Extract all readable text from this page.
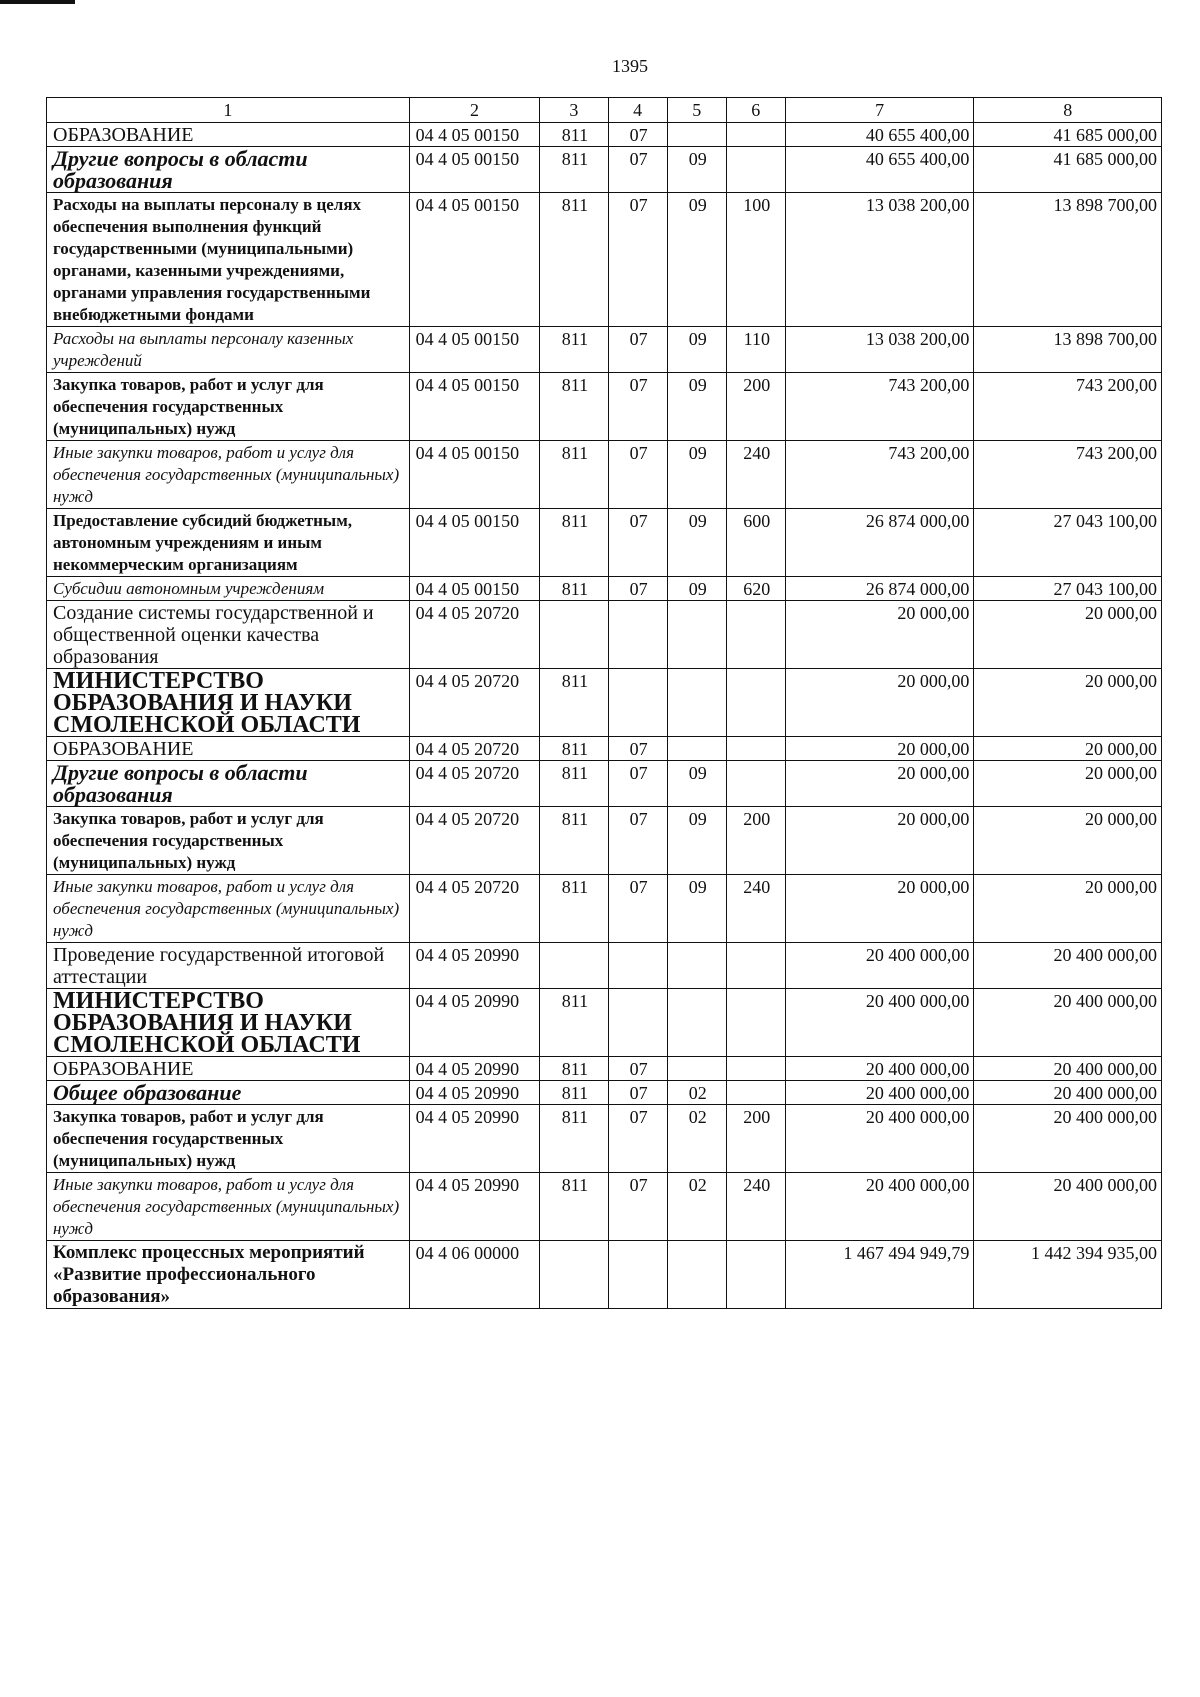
1395
1	2	3	4	5	6	7	8
ОБРАЗОВАНИЕ	04 4 05 00150	811	07			40 655 400,00	41 685 000,00
Другие вопросы в области образования	04 4 05 00150	811	07	09		40 655 400,00	41 685 000,00
Расходы на выплаты персоналу в целях обеспечения выполнения функций государственными (муниципальными) органами, казенными учреждениями, органами управления государственными внебюджетными фондами	04 4 05 00150	811	07	09	100	13 038 200,00	13 898 700,00
Расходы на выплаты персоналу казенных учреждений	04 4 05 00150	811	07	09	110	13 038 200,00	13 898 700,00
Закупка товаров, работ и услуг для обеспечения государственных (муниципальных) нужд	04 4 05 00150	811	07	09	200	743 200,00	743 200,00
Иные закупки товаров, работ и услуг для обеспечения государственных (муниципальных) нужд	04 4 05 00150	811	07	09	240	743 200,00	743 200,00
Предоставление субсидий бюджетным, автономным учреждениям и иным некоммерческим организациям	04 4 05 00150	811	07	09	600	26 874 000,00	27 043 100,00
Субсидии автономным учреждениям	04 4 05 00150	811	07	09	620	26 874 000,00	27 043 100,00
Создание системы государственной и общественной оценки качества образования	04 4 05 20720					20 000,00	20 000,00
МИНИСТЕРСТВО ОБРАЗОВАНИЯ И НАУКИ СМОЛЕНСКОЙ ОБЛАСТИ	04 4 05 20720	811				20 000,00	20 000,00
ОБРАЗОВАНИЕ	04 4 05 20720	811	07			20 000,00	20 000,00
Другие вопросы в области образования	04 4 05 20720	811	07	09		20 000,00	20 000,00
Закупка товаров, работ и услуг для обеспечения государственных (муниципальных) нужд	04 4 05 20720	811	07	09	200	20 000,00	20 000,00
Иные закупки товаров, работ и услуг для обеспечения государственных (муниципальных) нужд	04 4 05 20720	811	07	09	240	20 000,00	20 000,00
Проведение государственной итоговой аттестации	04 4 05 20990					20 400 000,00	20 400 000,00
МИНИСТЕРСТВО ОБРАЗОВАНИЯ И НАУКИ СМОЛЕНСКОЙ ОБЛАСТИ	04 4 05 20990	811				20 400 000,00	20 400 000,00
ОБРАЗОВАНИЕ	04 4 05 20990	811	07			20 400 000,00	20 400 000,00
Общее образование	04 4 05 20990	811	07	02		20 400 000,00	20 400 000,00
Закупка товаров, работ и услуг для обеспечения государственных (муниципальных) нужд	04 4 05 20990	811	07	02	200	20 400 000,00	20 400 000,00
Иные закупки товаров, работ и услуг для обеспечения государственных (муниципальных) нужд	04 4 05 20990	811	07	02	240	20 400 000,00	20 400 000,00
Комплекс процессных мероприятий «Развитие профессионального образования»	04 4 06 00000					1 467 494 949,79	1 442 394 935,00
